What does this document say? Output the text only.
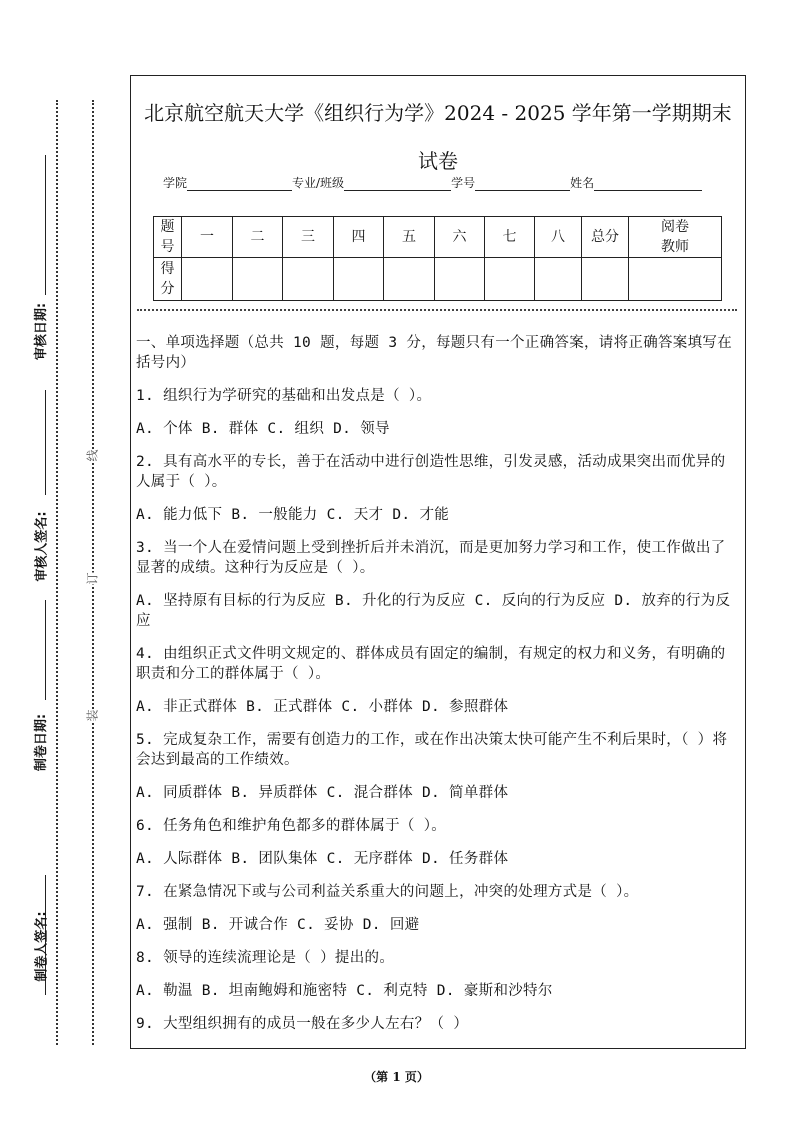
制卷人签名:
制卷日期:
审核人签名:
审核日期:
装
订
线
北京航空航天大学《组织行为学》2024 - 2025 学年第一学期期末
试卷
学院	专业/班级	学号	姓名
题号	一	二	三	四	五	六	七	八	总分	阅卷教师
得分										

一、单项选择题（总共 10 题，每题 3 分，每题只有一个正确答案，请将正确答案填写在括号内）

1. 组织行为学研究的基础和出发点是（ ）。

A. 个体 B. 群体 C. 组织 D. 领导

2. 具有高水平的专长，善于在活动中进行创造性思维，引发灵感，活动成果突出而优异的人属于（ ）。

A. 能力低下 B. 一般能力 C. 天才 D. 才能

3. 当一个人在爱情问题上受到挫折后并未消沉，而是更加努力学习和工作，使工作做出了显著的成绩。这种行为反应是（ ）。

A. 坚持原有目标的行为反应 B. 升化的行为反应 C. 反向的行为反应 D. 放弃的行为反应

4. 由组织正式文件明文规定的、群体成员有固定的编制，有规定的权力和义务，有明确的职责和分工的群体属于（ ）。

A. 非正式群体 B. 正式群体 C. 小群体 D. 参照群体

5. 完成复杂工作，需要有创造力的工作，或在作出决策太快可能产生不利后果时，（ ）将会达到最高的工作绩效。

A. 同质群体 B. 异质群体 C. 混合群体 D. 简单群体

6. 任务角色和维护角色都多的群体属于（ ）。

A. 人际群体 B. 团队集体 C. 无序群体 D. 任务群体

7. 在紧急情况下或与公司利益关系重大的问题上，冲突的处理方式是（ ）。

A. 强制 B. 开诚合作 C. 妥协 D. 回避

8. 领导的连续流理论是（ ）提出的。

A. 勒温 B. 坦南鲍姆和施密特 C. 利克特 D. 豪斯和沙特尔

9. 大型组织拥有的成员一般在多少人左右？（ ）

（第 1 页）
